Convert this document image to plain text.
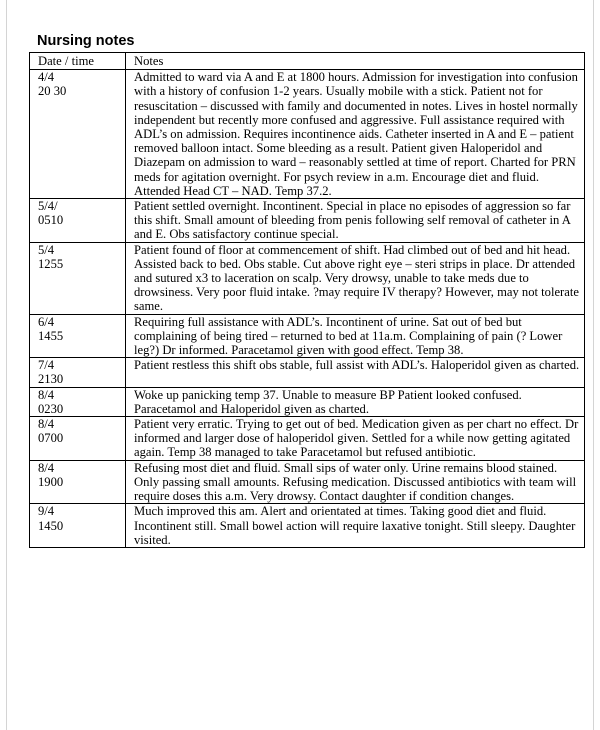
Nursing notes
Date / time	Notes
4/4
20 30	Admitted to ward via A and E at 1800 hours. Admission for investigation into confusion with a history of confusion 1-2 years. Usually mobile with a stick. Patient not for resuscitation – discussed with family and documented in notes. Lives in hostel normally independent but recently more confused and aggressive. Full assistance required with ADL’s on admission. Requires incontinence aids. Catheter inserted in A and E – patient removed balloon intact. Some bleeding as a result. Patient given Haloperidol and Diazepam on admission to ward – reasonably settled at time of report. Charted for PRN meds for agitation overnight. For psych review in a.m. Encourage diet and fluid. Attended Head CT – NAD. Temp 37.2.
5/4/
0510	Patient settled overnight. Incontinent. Special in place no episodes of aggression so far this shift. Small amount of bleeding from penis following self removal of catheter in A and E. Obs satisfactory continue special.
5/4
1255	Patient found of floor at commencement of shift. Had climbed out of bed and hit head. Assisted back to bed. Obs stable. Cut above right eye – steri strips in place. Dr attended and sutured x3 to laceration on scalp. Very drowsy, unable to take meds due to drowsiness. Very poor fluid intake. ?may require IV therapy? However, may not tolerate same.
6/4
1455	Requiring full assistance with ADL’s. Incontinent of urine. Sat out of bed but complaining of being tired – returned to bed at 11a.m. Complaining of pain (? Lower leg?) Dr informed. Paracetamol given with good effect. Temp 38.
7/4
2130	Patient restless this shift obs stable, full assist with ADL’s. Haloperidol given as charted.
8/4
0230	Woke up panicking temp 37. Unable to measure BP Patient looked confused. Paracetamol and Haloperidol given as charted.
8/4
0700	Patient very erratic. Trying to get out of bed. Medication given as per chart no effect. Dr informed and larger dose of haloperidol given. Settled for a while now getting agitated again. Temp 38 managed to take Paracetamol but refused antibiotic.
8/4
1900	Refusing most diet and fluid. Small sips of water only. Urine remains blood stained. Only passing small amounts. Refusing medication. Discussed antibiotics with team will require doses this a.m. Very drowsy. Contact daughter if condition changes.
9/4
1450	Much improved this am. Alert and orientated at times. Taking good diet and fluid. Incontinent still. Small bowel action will require laxative tonight. Still sleepy. Daughter visited.
